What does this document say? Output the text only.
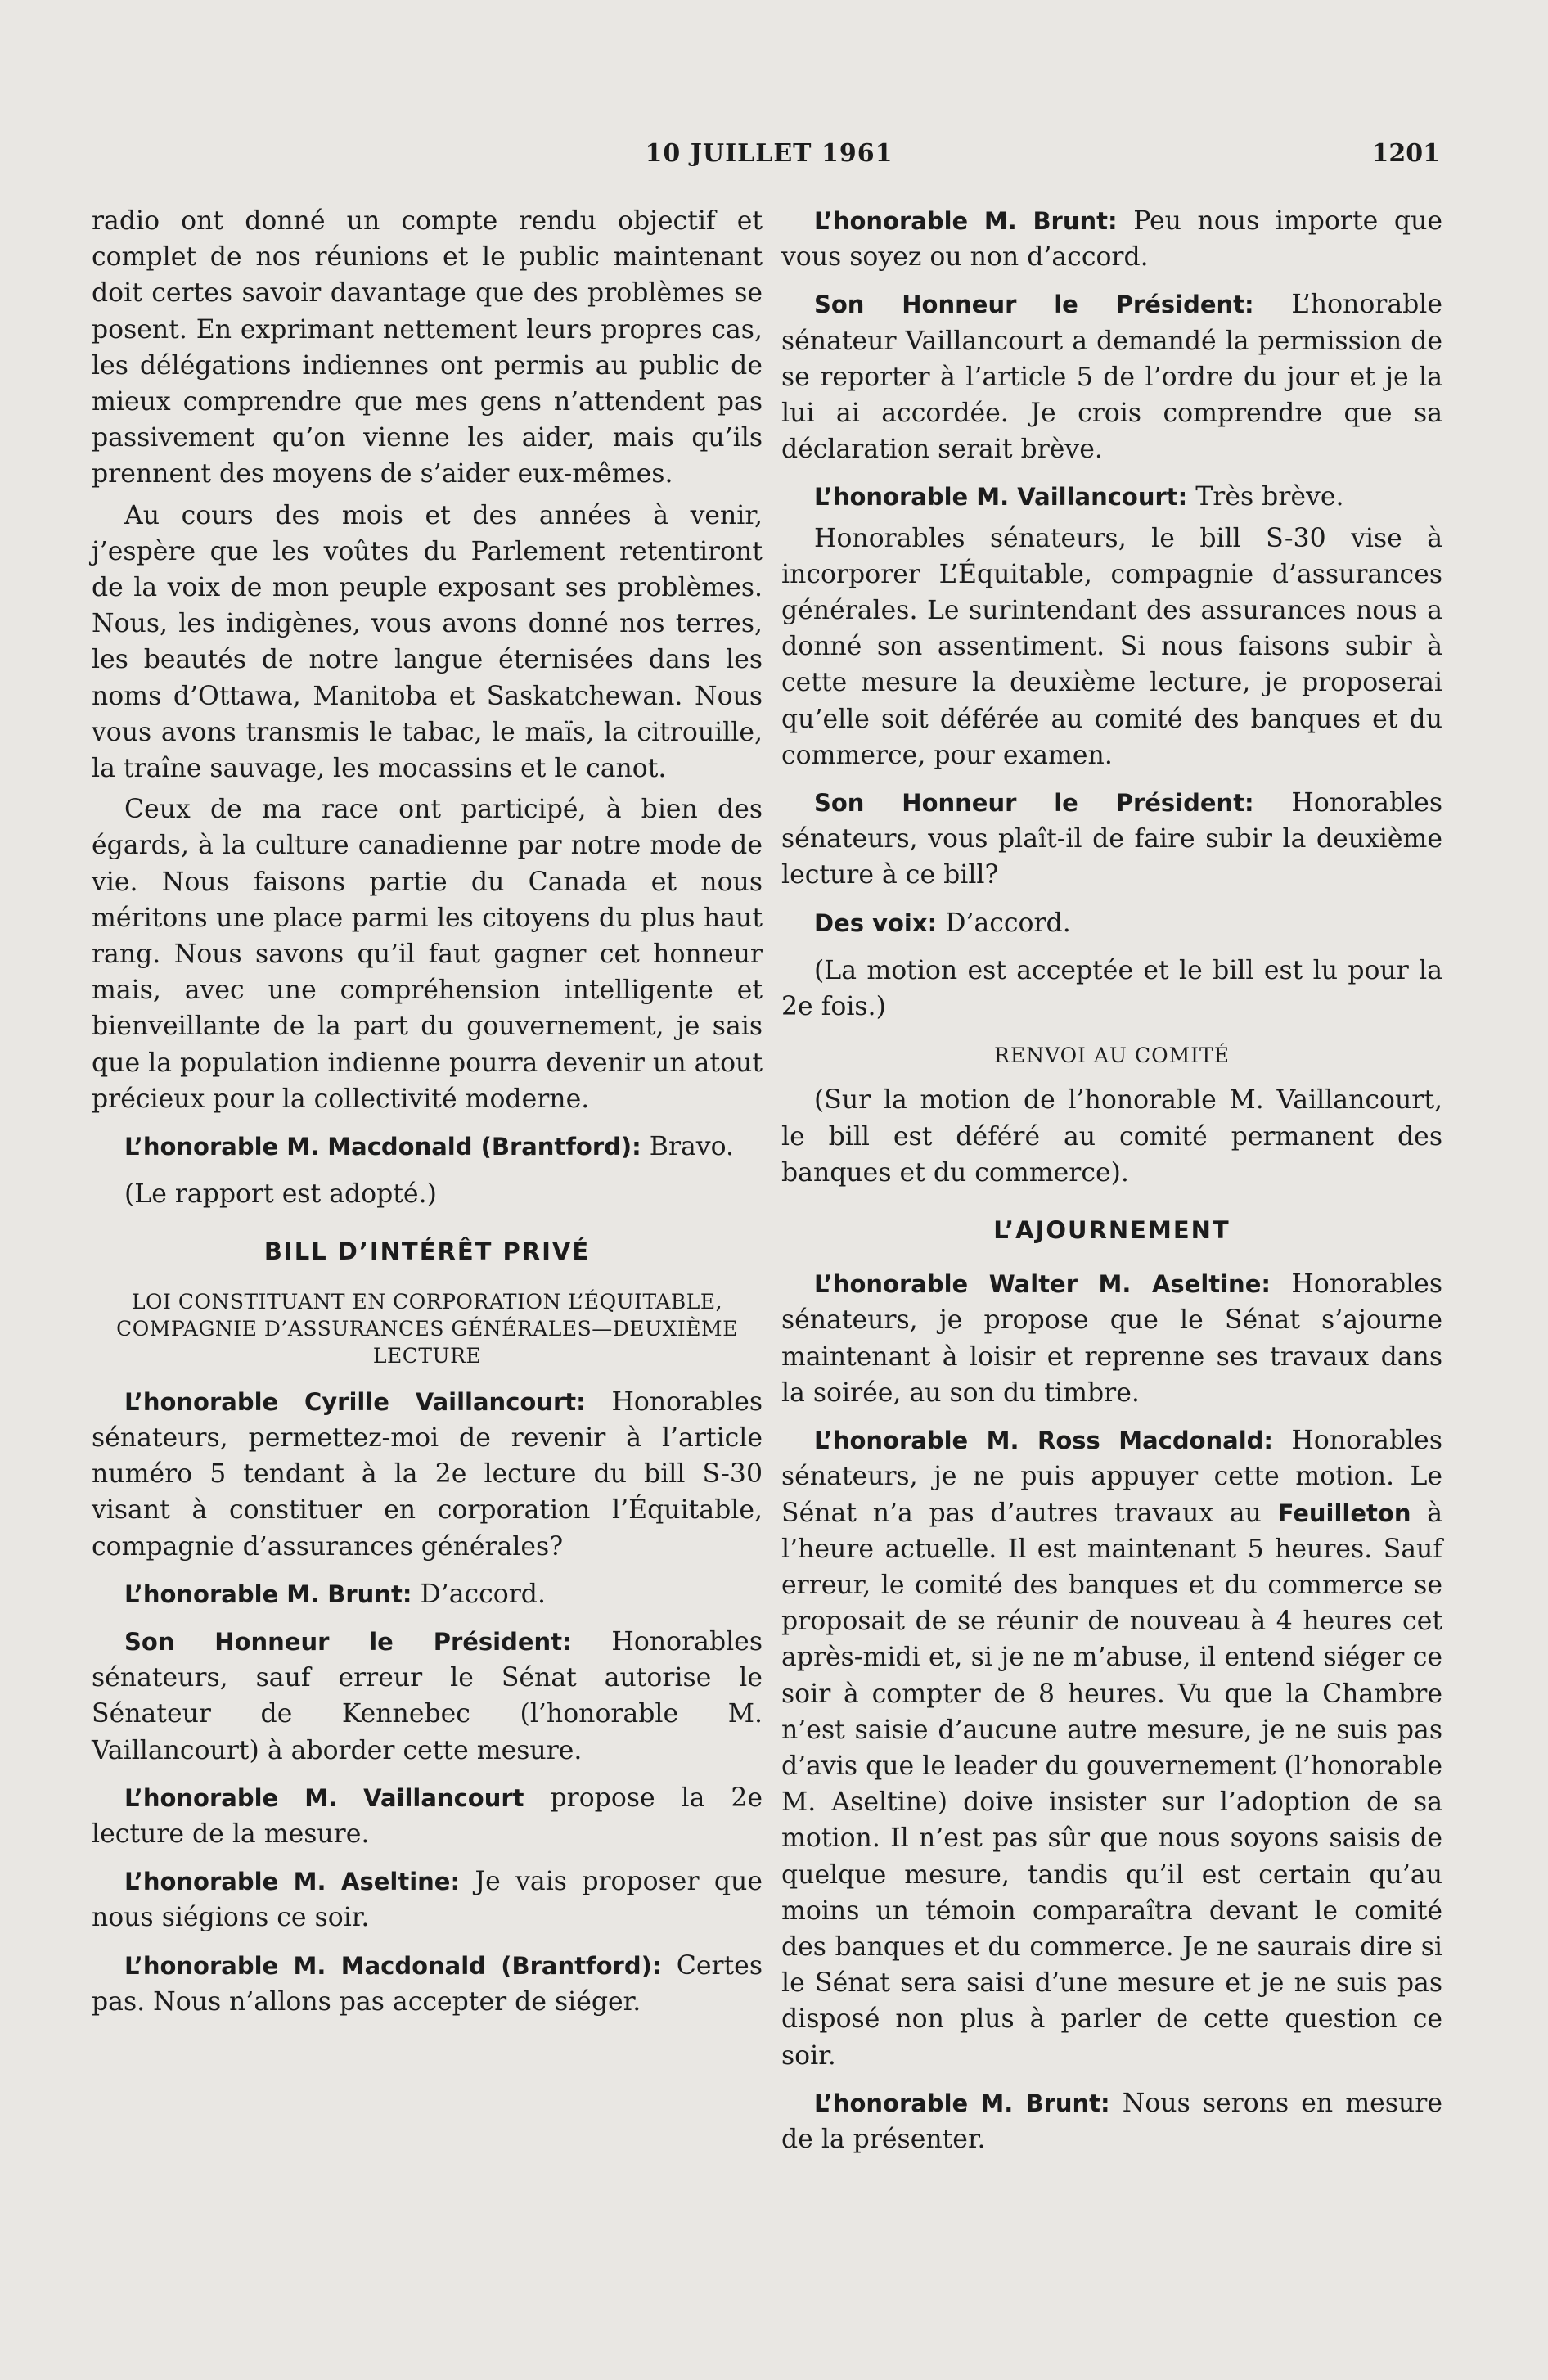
10 JUILLET 1961	1201

radio ont donné un compte rendu objectif et complet de nos réunions et le public maintenant doit certes savoir davantage que des problèmes se posent. En exprimant nettement leurs propres cas, les délégations indiennes ont permis au public de mieux comprendre que mes gens n’attendent pas passivement qu’on vienne les aider, mais qu’ils prennent des moyens de s’aider eux-mêmes.

Au cours des mois et des années à venir, j’espère que les voûtes du Parlement retentiront de la voix de mon peuple exposant ses problèmes. Nous, les indigènes, vous avons donné nos terres, les beautés de notre langue éternisées dans les noms d’Ottawa, Manitoba et Saskatchewan. Nous vous avons transmis le tabac, le maïs, la citrouille, la traîne sauvage, les mocassins et le canot.

Ceux de ma race ont participé, à bien des égards, à la culture canadienne par notre mode de vie. Nous faisons partie du Canada et nous méritons une place parmi les citoyens du plus haut rang. Nous savons qu’il faut gagner cet honneur mais, avec une compréhension intelligente et bienveillante de la part du gouvernement, je sais que la population indienne pourra devenir un atout précieux pour la collectivité moderne.

L’honorable M. Macdonald (Brantford): Bravo.

(Le rapport est adopté.)

BILL D’INTÉRÊT PRIVÉ

LOI CONSTITUANT EN CORPORATION L’ÉQUITABLE, COMPAGNIE D’ASSURANCES GÉNÉRALES—DEUXIÈME LECTURE

L’honorable Cyrille Vaillancourt: Honorables sénateurs, permettez-moi de revenir à l’article numéro 5 tendant à la 2e lecture du bill S-30 visant à constituer en corporation l’Équitable, compagnie d’assurances générales?

L’honorable M. Brunt: D’accord.

Son Honneur le Président: Honorables sénateurs, sauf erreur le Sénat autorise le Sénateur de Kennebec (l’honorable M. Vaillancourt) à aborder cette mesure.

L’honorable M. Vaillancourt propose la 2e lecture de la mesure.

L’honorable M. Aseltine: Je vais proposer que nous siégions ce soir.

L’honorable M. Macdonald (Brantford): Certes pas. Nous n’allons pas accepter de siéger.

L’honorable M. Brunt: Peu nous importe que vous soyez ou non d’accord.

Son Honneur le Président: L’honorable sénateur Vaillancourt a demandé la permission de se reporter à l’article 5 de l’ordre du jour et je la lui ai accordée. Je crois comprendre que sa déclaration serait brève.

L’honorable M. Vaillancourt: Très brève.

Honorables sénateurs, le bill S-30 vise à incorporer L’Équitable, compagnie d’assurances générales. Le surintendant des assurances nous a donné son assentiment. Si nous faisons subir à cette mesure la deuxième lecture, je proposerai qu’elle soit déférée au comité des banques et du commerce, pour examen.

Son Honneur le Président: Honorables sénateurs, vous plaît-il de faire subir la deuxième lecture à ce bill?

Des voix: D’accord.

(La motion est acceptée et le bill est lu pour la 2e fois.)

RENVOI AU COMITÉ

(Sur la motion de l’honorable M. Vaillancourt, le bill est déféré au comité permanent des banques et du commerce).

L’AJOURNEMENT

L’honorable Walter M. Aseltine: Honorables sénateurs, je propose que le Sénat s’ajourne maintenant à loisir et reprenne ses travaux dans la soirée, au son du timbre.

L’honorable M. Ross Macdonald: Honorables sénateurs, je ne puis appuyer cette motion. Le Sénat n’a pas d’autres travaux au Feuilleton à l’heure actuelle. Il est maintenant 5 heures. Sauf erreur, le comité des banques et du commerce se proposait de se réunir de nouveau à 4 heures cet après-midi et, si je ne m’abuse, il entend siéger ce soir à compter de 8 heures. Vu que la Chambre n’est saisie d’aucune autre mesure, je ne suis pas d’avis que le leader du gouvernement (l’honorable M. Aseltine) doive insister sur l’adoption de sa motion. Il n’est pas sûr que nous soyons saisis de quelque mesure, tandis qu’il est certain qu’au moins un témoin comparaîtra devant le comité des banques et du commerce. Je ne saurais dire si le Sénat sera saisi d’une mesure et je ne suis pas disposé non plus à parler de cette question ce soir.

L’honorable M. Brunt: Nous serons en mesure de la présenter.
